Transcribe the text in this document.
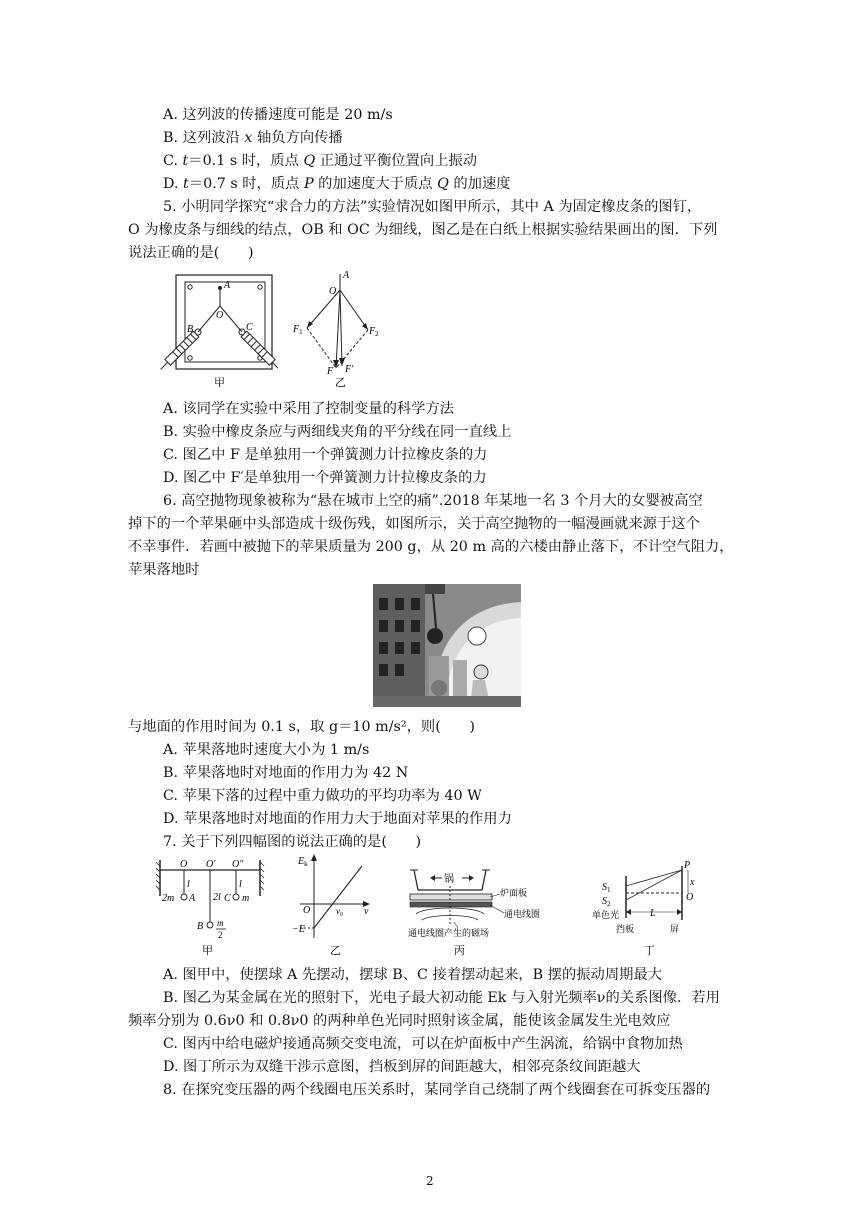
A. 这列波的传播速度可能是 20 m/s
B. 这列波沿 x 轴负方向传播
C. t＝0.1 s 时，质点 Q 正通过平衡位置向上振动
D. t＝0.7 s 时，质点 P 的加速度大于质点 Q 的加速度
5. 小明同学探究“求合力的方法”实验情况如图甲所示，其中 A 为固定橡皮条的图钉，
O 为橡皮条与细线的结点，OB 和 OC 为细线，图乙是在白纸上根据实验结果画出的图．下列
说法正确的是(　　)
A
O
B	C
甲
A
O
$F_1$	$F_2$
F F′
乙
A. 该同学在实验中采用了控制变量的科学方法
B. 实验中橡皮条应与两细线夹角的平分线在同一直线上
C. 图乙中 F 是单独用一个弹簧测力计拉橡皮条的力
D. 图乙中 F′是单独用一个弹簧测力计拉橡皮条的力
6. 高空抛物现象被称为“悬在城市上空的痛”.2018 年某地一名 3 个月大的女婴被高空
掉下的一个苹果砸中头部造成十级伤残，如图所示，关于高空抛物的一幅漫画就来源于这个
不幸事件．若画中被抛下的苹果质量为 200 g，从 20 m 高的六楼由静止落下，不计空气阻力，
苹果落地时
与地面的作用时间为 0.1 s，取 g＝10 m/s²，则(　　)
A. 苹果落地时速度大小为 1 m/s
B. 苹果落地时对地面的作用力为 42 N
C. 苹果下落的过程中重力做功的平均功率为 40 W
D. 苹果落地时对地面的作用力大于地面对苹果的作用力
7. 关于下列四幅图的说法正确的是(　　)
O O′ O″
l
2l
l
2m A	C m
B m
2
甲
$E_k$
O	$v_0$ ν
−E
乙
锅
炉面板
通电线圈
通电线圈产生的磁场
丙
$S_1$
$S_2$
单色光	L
P
x
O
挡板	屏
丁
A. 图甲中，使摆球 A 先摆动，摆球 B、C 接着摆动起来，B 摆的振动周期最大
B. 图乙为某金属在光的照射下，光电子最大初动能 Ek 与入射光频率ν的关系图像．若用
频率分别为 0.6ν0 和 0.8ν0 的两种单色光同时照射该金属，能使该金属发生光电效应
C. 图丙中给电磁炉接通高频交变电流，可以在炉面板中产生涡流，给锅中食物加热
D. 图丁所示为双缝干涉示意图，挡板到屏的间距越大，相邻亮条纹间距越大
8. 在探究变压器的两个线圈电压关系时，某同学自己绕制了两个线圈套在可拆变压器的
2
